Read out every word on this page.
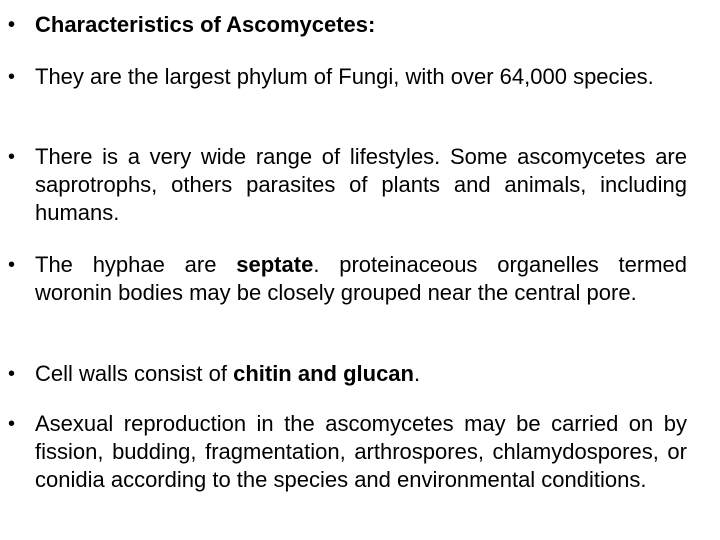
• Characteristics of Ascomycetes:
• They are the largest phylum of Fungi, with over 64,000 species.
• There is a very wide range of lifestyles. Some ascomycetes are saprotrophs, others parasites of plants and animals, including humans.
• The hyphae are septate. proteinaceous organelles termed woronin bodies may be closely grouped near the central pore.
• Cell walls consist of chitin and glucan.
• Asexual reproduction in the ascomycetes may be carried on by fission, budding, fragmentation, arthrospores, chlamydospores, or conidia according to the species and environmental conditions.
